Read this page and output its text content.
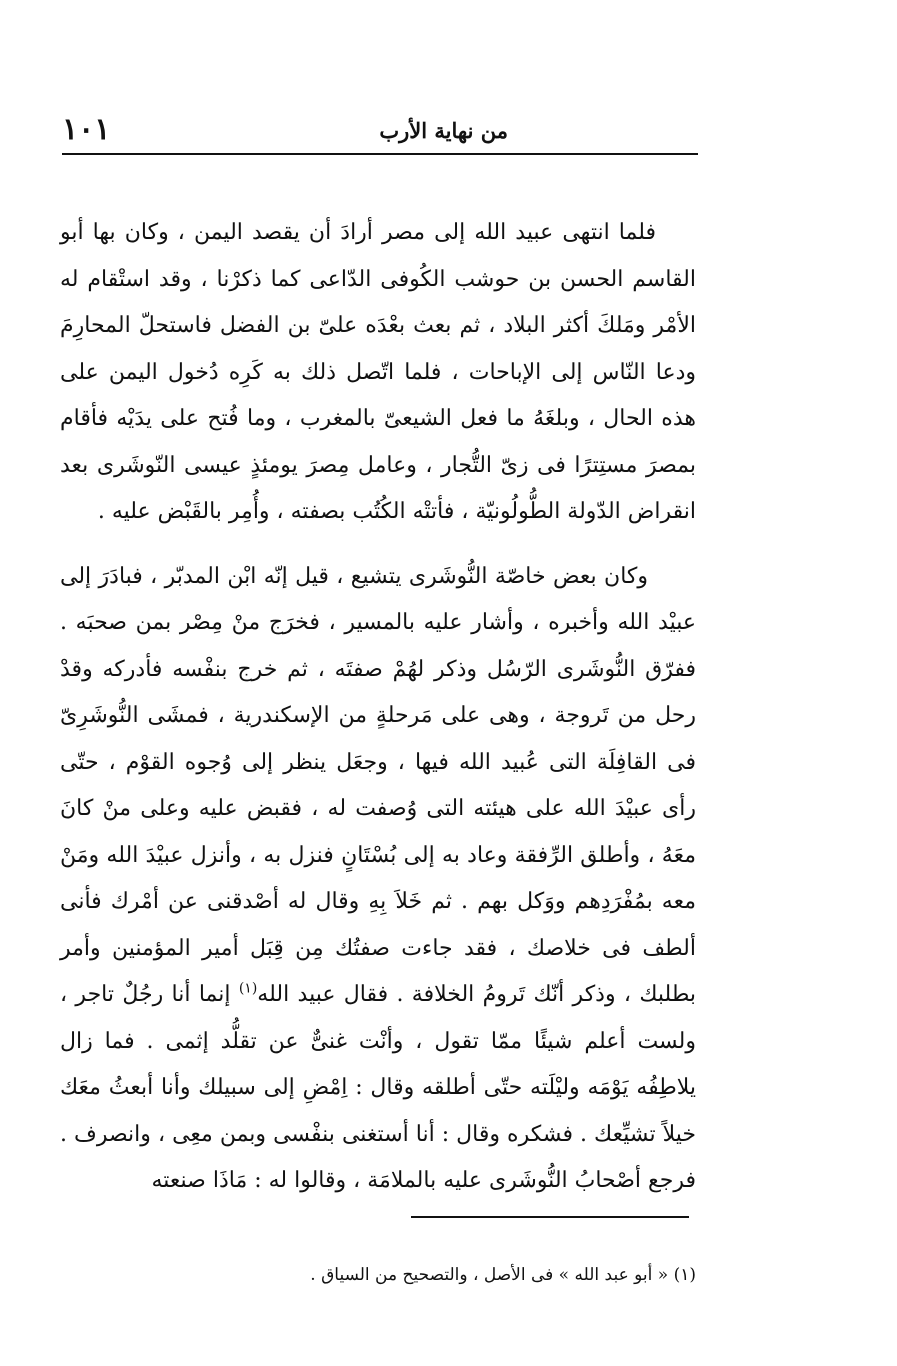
من نهاية الأرب
١٠١

فلما انتهى عبيد الله إلى مصر أرادَ أن يقصد اليمن ، وكان بها أبو القاسم الحسن بن حوشب الكُوفى الدّاعى كما ذكرْنا ، وقد استْقام له الأمْر ومَلكَ أكثر البلاد ، ثم بعث بعْدَه علىّ بن الفضل فاستحلّ المحارِمَ ودعا النّاس إلى الإباحات ، فلما اتّصل ذلك به كَرِه دُخول اليمن على هذه الحال ، وبلغَهُ ما فعل الشيعىّ بالمغرب ، وما فُتح على يدَيْه فأقام بمصرَ مستِترًا فى زىّ التُّجار ، وعامل مِصرَ يومئذٍ عيسى النّوشَرى بعد انقراض الدّولة الطُّولُونيّة ، فأتتْه الكُتُب بصفته ، وأُمِر بالقَبْض عليه .

وكان بعض خاصّة النُّوشَرى يتشيع ، قيل إنّه ابْن المدبّر ، فبادَرَ إلى عبيْد الله وأخبره ، وأشار عليه بالمسير ، فخرَج منْ مِصْر بمن صحبَه . ففرّق النُّوشَرى الرّسُل وذكر لهُمْ صفتَه ، ثم خرج بنفْسه فأدركه وقدْ رحل من تَروجة ، وهى على مَرحلةٍ من الإسكندرية ، فمشَى النُّوشَرِىّ فى القافِلَة التى عُبيد الله فيها ، وجعَل ينظر إلى وُجوه القوْم ، حتّى رأى عبيْدَ الله على هيئته التى وُصفت له ، فقبض عليه وعلى منْ كانَ معَهُ ، وأطلق الرِّفقة وعاد به إلى بُسْتَانٍ فنزل به ، وأنزل عبيْدَ الله ومَنْ معه بمُفْرَدِهم ووَكل بهم . ثم خَلاَ بِهِ وقال له أصْدقنى عن أمْرك فأنى ألطف فى خلاصك ، فقد جاءت صفتُك مِن قِبَل أمير المؤمنين وأمر بطلبك ، وذكر أنّك تَرومُ الخلافة . فقال عبيد الله$^{(١)}$ إنما أنا رجُلٌ تاجر ، ولست أعلم شيئًا ممّا تقول ، وأنْت غنىٌّ عن تقلُّد إثمى . فما زال يلاطِفُه يَوْمَه وليْلَته حتّى أطلقه وقال : اِمْضِ إلى سبيلك وأنا أبعثُ معَك خيلاً تشيِّعك . فشكره وقال : أنا أستغنى بنفْسى وبمن معِى ، وانصرف . فرجع أصْحابُ النُّوشَرى عليه بالملامَة ، وقالوا له : مَاذَا صنعته

(١) « أبو عبد الله » فى الأصل ، والتصحيح من السياق .
